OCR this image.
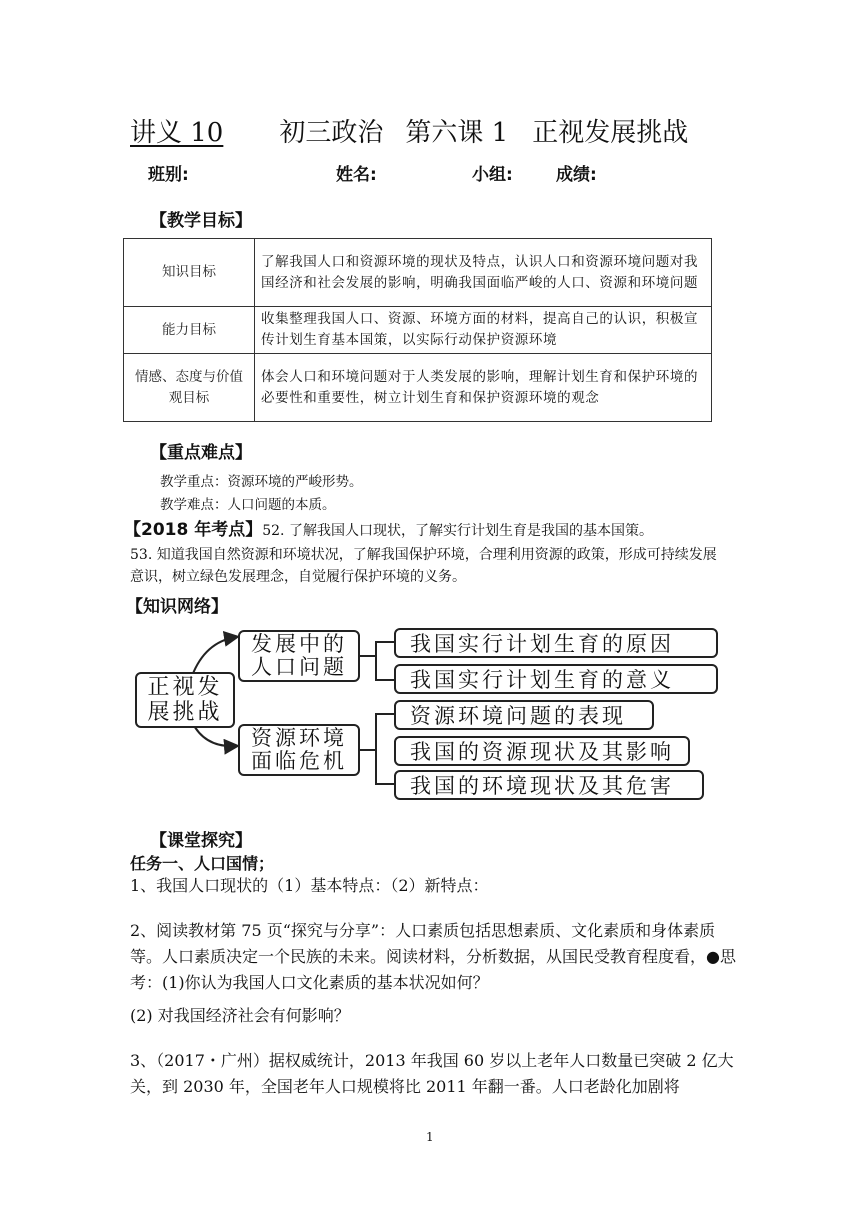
讲义 10 初三政治 第六课 1 正视发展挑战
班别:	姓名:	小组:	成绩:
【教学目标】
知识目标	了解我国人口和资源环境的现状及特点，认识人口和资源环境问题对我国经济和社会发展的影响，明确我国面临严峻的人口、资源和环境问题
能力目标	收集整理我国人口、资源、环境方面的材料，提高自己的认识，积极宣传计划生育基本国策，以实际行动保护资源环境
情感、态度与价值观目标	体会人口和环境问题对于人类发展的影响，理解计划生育和保护环境的必要性和重要性，树立计划生育和保护资源环境的观念
【重点难点】
教学重点：资源环境的严峻形势。
教学难点：人口问题的本质。
【2018 年考点】52. 了解我国人口现状，了解实行计划生育是我国的基本国策。
53. 知道我国自然资源和环境状况，了解我国保护环境，合理利用资源的政策，形成可持续发展意识，树立绿色发展理念，自觉履行保护环境的义务。
【知识网络】
正视发展挑战
发展中的人口问题
资源环境面临危机
我国实行计划生育的原因
我国实行计划生育的意义
资源环境问题的表现
我国的资源现状及其影响
我国的环境现状及其危害
【课堂探究】
任务一、人口国情；
1、我国人口现状的（1）基本特点：（2）新特点：
2、阅读教材第 75 页“探究与分享”：人口素质包括思想素质、文化素质和身体素质等。人口素质决定一个民族的未来。阅读材料，分析数据，从国民受教育程度看，●思考：(1)你认为我国人口文化素质的基本状况如何？
(2) 对我国经济社会有何影响？
3、（2017・广州）据权威统计，2013 年我国 60 岁以上老年人口数量已突破 2 亿大关，到 2030 年，全国老年人口规模将比 2011 年翻一番。人口老龄化加剧将
1
